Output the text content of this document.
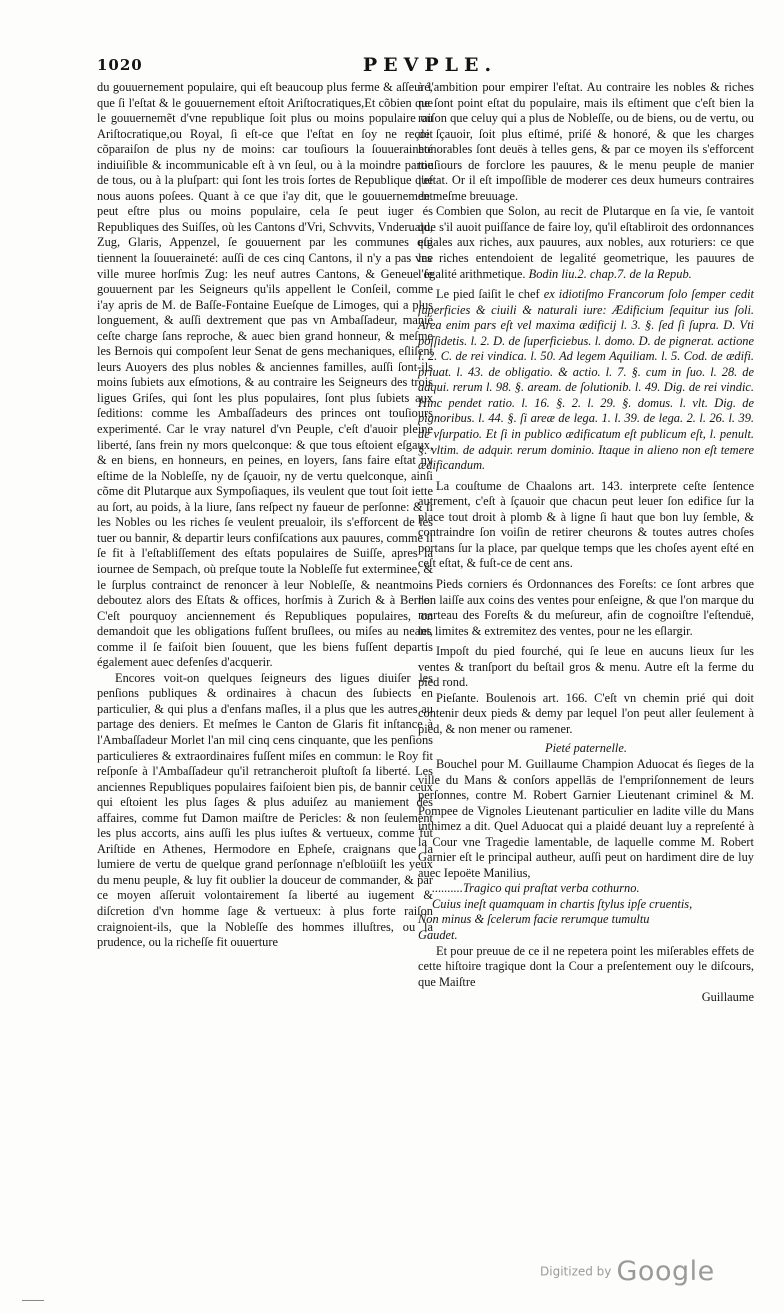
1020	PEVPLE.

du gouuernement populaire, qui eſt beaucoup plus ferme & aſſeuré, que ſi l'eſtat & le gouuernement eſtoit Ariſtocratiques,Et cõbien que le gouuernemẽt d'vne republique ſoit plus ou moins populaire ou Ariſtocratique,ou Royal, ſi eſt-ce que l'eſtat en ſoy ne reçoit cõparaiſon de plus ny de moins: car touſiours la ſouueraineté indiuiſible & incommunicable eſt à vn ſeul, ou à la moindre partie de tous, ou à la pluſpart: qui ſont les trois ſortes de Republique que nous auons poſees. Quant à ce que i'ay dit, que le gouuernement peut eſtre plus ou moins populaire, cela ſe peut iuger és Republiques des Suiſſes, où les Cantons d'Vri, Schvvits, Vnderuald, Zug, Glaris, Appenzel, ſe gouuernent par les communes qui tiennent la ſouueraineté: auſſi de ces cinq Cantons, il n'y a pas vne ville muree horſmis Zug: les neuf autres Cantons, & Geneue ſe gouuernent par les Seigneurs qu'ils appellent le Conſeil, comme i'ay apris de M. de Baſſe-Fontaine Eueſque de Limoges, qui a plus longuement, & auſſi dextrement que pas vn Ambaſſadeur, manié ceſte charge ſans reproche, & auec bien grand honneur, & meſme les Bernois qui compoſent leur Senat de gens mechaniques, eſliſent leurs Auoyers des plus nobles & anciennes familles, auſſi ſont-ils moins ſubiets aux eſmotions, & au contraire les Seigneurs des trois ligues Griſes, qui ſont les plus populaires, ſont plus ſubiets aux ſeditions: comme les Ambaſſadeurs des princes ont touſiours experimenté. Car le vray naturel d'vn Peuple, c'eſt d'auoir pleine liberté, ſans frein ny mors quelconque: & que tous eſtoient eſgaux, & en biens, en honneurs, en peines, en loyers, ſans faire eſtat ny eſtime de la Nobleſſe, ny de ſçauoir, ny de vertu quelconque, ainſi cõme dit Plutarque aux Sympoſiaques, ils veulent que tout ſoit iette au ſort, au poids, à la liure, ſans reſpect ny faueur de perſonne: & ſi les Nobles ou les riches ſe veulent preualoir, ils s'efforcent de les tuer ou bannir, & departir leurs confiſcations aux pauures, comme il ſe fit à l'eſtabliſſement des eſtats populaires de Suiſſe, apres la iournee de Sempach, où preſque toute la Nobleſſe fut exterminee, & le ſurplus contrainct de renoncer à leur Nobleſſe, & neantmoins deboutez alors des Eſtats & offices, horſmis à Zurich & à Berne: C'eſt pourquoy anciennement és Republiques populaires, on demandoit que les obligations fuſſent bruſlees, ou miſes au neant, comme il ſe faiſoit bien ſouuent, que les biens fuſſent departis également auec defenſes d'acquerir.

Encores voit-on quelques ſeigneurs des ligues diuiſer les penſions publiques & ordinaires à chacun des ſubiects en particulier, & qui plus a d'enfans maſles, il a plus que les autres au partage des deniers. Et meſmes le Canton de Glaris fit inſtance à l'Ambaſſadeur Morlet l'an mil cinq cens cinquante, que les penſions particulieres & extraordinaires fuſſent miſes en commun: le Roy fit reſponſe à l'Ambaſſadeur qu'il retrancheroit pluſtoſt ſa liberté. Les anciennes Republiques populaires faiſoient bien pis, de bannir ceux qui eſtoient les plus ſages & plus aduiſez au maniement des affaires, comme fut Damon maiſtre de Pericles: & non ſeulement les plus accorts, ains auſſi les plus iuſtes & vertueux, comme fut Ariſtide en Athenes, Hermodore en Epheſe, craignans que la lumiere de vertu de quelque grand perſonnage n'eſbloüiſt les yeux du menu peuple, & luy fit oublier la douceur de commander, & par ce moyen aſſeruit volontairement ſa liberté au iugement & diſcretion d'vn homme ſage & vertueux: à plus forte raiſon craignoient-ils, que la Nobleſſe des hommes illuſtres, ou la prudence, ou la richeſſe fit ouuerture

à l'ambition pour empirer l'eſtat. Au contraire les nobles & riches ne ſont point eſtat du populaire, mais ils eſtiment que c'eſt bien la raiſon que celuy qui a plus de Nobleſſe, ou de biens, ou de vertu, ou de ſçauoir, ſoit plus eſtimé, priſé & honoré, & que les charges honorables ſont deuës à telles gens, & par ce moyen ils s'efforcent touſiours de forclore les pauures, & le menu peuple de manier l'eſtat. Or il eſt impoſſible de moderer ces deux humeurs contraires de meſme breuuage.

Combien que Solon, au recit de Plutarque en ſa vie, ſe vantoit que s'il auoit puiſſance de faire loy, qu'il eſtabliroit des ordonnances eſgales aux riches, aux pauures, aux nobles, aux roturiers: ce que les riches entendoient de legalité geometrique, les pauures de l'egalité arithmetique. Bodin liu.2. chap.7. de la Repub.

Le pied ſaiſit le chef ex idiotiſmo Francorum ſolo ſemper cedit ſuperficies & ciuili & naturali iure: Ædificium ſequitur ius ſoli. Area enim pars eſt vel maxima ædificij l. 3. §. ſed ſi ſupra. D. Vti poſſidetis. l. 2. D. de ſuperficiebus. l. domo. D. de pignerat. actione l. 2. C. de rei vindica. l. 50. Ad legem Aquiliam. l. 5. Cod. de ædifi. priuat. l. 43. de obligatio. & actio. l. 7. §. cum in ſuo. l. 28. de adqui. rerum l. 98. §. aream. de ſolutionib. l. 49. Dig. de rei vindic. Hinc pendet ratio. l. 16. §. 2. l. 29. §. domus. l. vlt. Dig. de pignoribus. l. 44. §. ſi areæ de lega. 1. l. 39. de lega. 2. l. 26. l. 39. de vſurpatio. Et ſi in publico ædificatum eſt publicum eſt, l. penult. §. vltim. de adquir. rerum dominio. Itaque in alieno non eſt temere ædificandum.

La couſtume de Chaalons art. 143. interprete ceſte ſentence autrement, c'eſt à ſçauoir que chacun peut leuer ſon edifice ſur la place tout droit à plomb & à ligne ſi haut que bon luy ſemble, & contraindre ſon voiſin de retirer cheurons & toutes autres choſes portans ſur la place, par quelque temps que les choſes ayent eſté en ceſt eſtat, & fuſt-ce de cent ans.

Pieds corniers és Ordonnances des Foreſts: ce ſont arbres que l'on laiſſe aux coins des ventes pour enſeigne, & que l'on marque du marteau des Foreſts & du meſureur, afin de cognoiſtre l'eſtenduë, les limites & extremitez des ventes, pour ne les eſlargir.

Impoſt du pied fourché, qui ſe leue en aucuns lieux ſur les ventes & tranſport du beſtail gros & menu. Autre eſt la ferme du pied rond.

Pieſante. Boulenois art. 166. C'eſt vn chemin prié qui doit contenir deux pieds & demy par lequel l'on peut aller ſeulement à pied, & non mener ou ramener.

Pieté paternelle.

Bouchel pour M. Guillaume Champion Aduocat és ſieges de la ville du Mans & conſors appellās de l'empriſonnement de leurs perſonnes, contre M. Robert Garnier Lieutenant criminel & M. Pompee de Vignoles Lieutenant particulier en ladite ville du Mans inthimez a dit. Quel Aduocat qui a plaidé deuant luy a repreſenté à la Cour vne Tragedie lamentable, de laquelle comme M. Robert Garnier eſt le principal autheur, auſſi peut on hardiment dire de luy auec Iepoëte Manilius,

..........Tragico qui praſtat verba cothurno.

Cuius ineſt quamquam in chartis ſtylus ipſe cruentis,

Non minus & ſcelerum facie rerumque tumultu

Gaudet.

Et pour preuue de ce il ne repetera point les miſerables effets de cette hiſtoire tragique dont la Cour a preſentement ouy le diſcours, que Maiſtre

Guillaume

Digitized by Google
